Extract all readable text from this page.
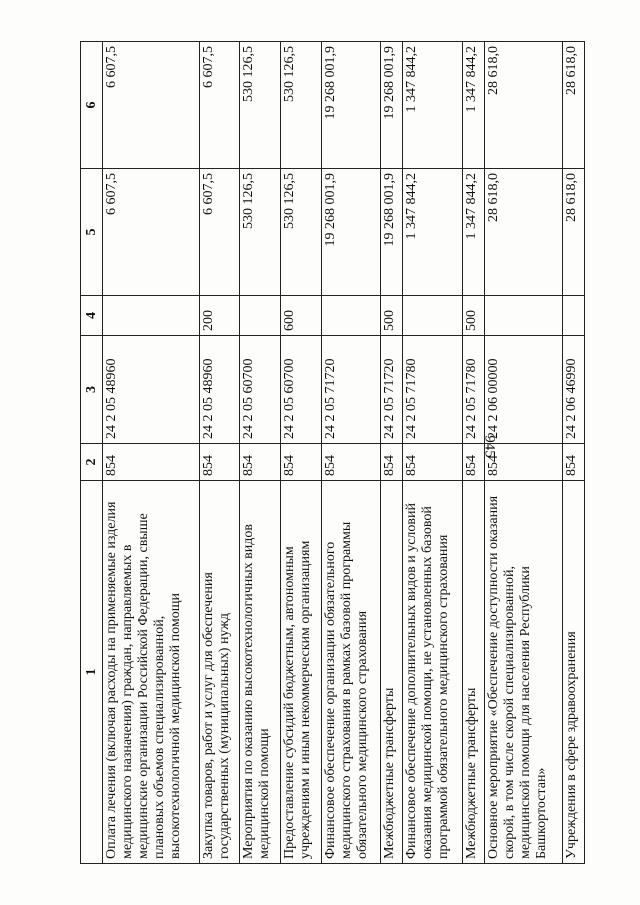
945
1	2	3	4	5	6
Оплата лечения (включая расходы на применяемые изделия медицинского назначения) граждан, направляемых в медицинские организации Российской Федерации, свыше плановых объемов специализированной, высокотехнологичной медицинской помощи	854	24 2 05 48960		6 607,5	6 607,5
Закупка товаров, работ и услуг для обеспечения государственных (муниципальных) нужд	854	24 2 05 48960	200	6 607,5	6 607,5
Мероприятия по оказанию высокотехнологичных видов медицинской помощи	854	24 2 05 60700		530 126,5	530 126,5
Предоставление субсидий бюджетным, автономным учреждениям и иным некоммерческим организациям	854	24 2 05 60700	600	530 126,5	530 126,5
Финансовое обеспечение организации обязательного медицинского страхования в рамках базовой программы обязательного медицинского страхования	854	24 2 05 71720		19 268 001,9	19 268 001,9
Межбюджетные трансферты	854	24 2 05 71720	500	19 268 001,9	19 268 001,9
Финансовое обеспечение дополнительных видов и условий оказания медицинской помощи, не установленных базовой программой обязательного медицинского страхования	854	24 2 05 71780		1 347 844,2	1 347 844,2
Межбюджетные трансферты	854	24 2 05 71780	500	1 347 844,2	1 347 844,2
Основное мероприятие «Обеспечение доступности оказания скорой, в том числе скорой специализированной, медицинской помощи для населения Республики Башкортостан»	854	24 2 06 00000		28 618,0	28 618,0
Учреждения в сфере здравоохранения	854	24 2 06 46990		28 618,0	28 618,0
